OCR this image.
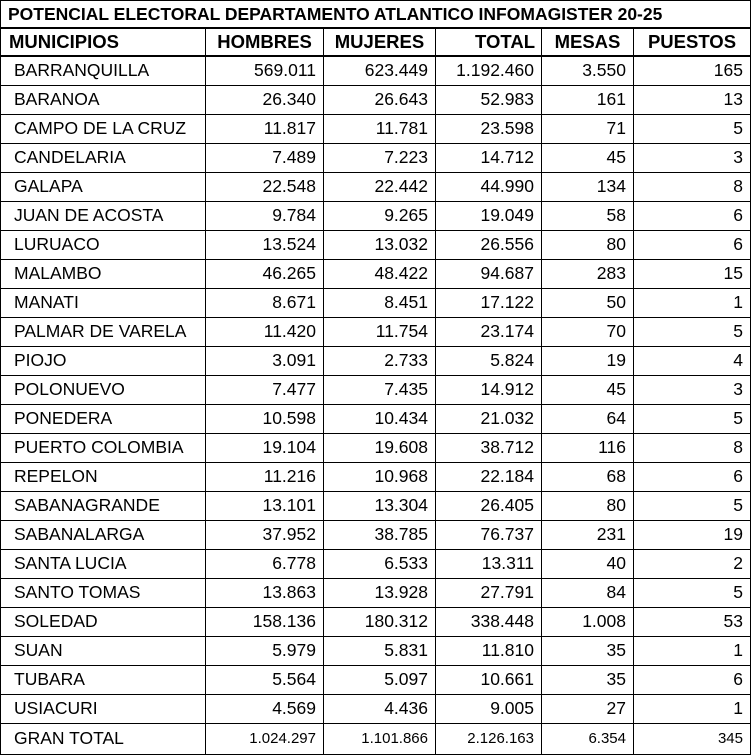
POTENCIAL ELECTORAL DEPARTAMENTO ATLANTICO INFOMAGISTER 20-25
MUNICIPIOS	HOMBRES	MUJERES	TOTAL	MESAS	PUESTOS
BARRANQUILLA	569.011	623.449	1.192.460	3.550	165
BARANOA	26.340	26.643	52.983	161	13
CAMPO DE LA CRUZ	11.817	11.781	23.598	71	5
CANDELARIA	7.489	7.223	14.712	45	3
GALAPA	22.548	22.442	44.990	134	8
JUAN DE ACOSTA	9.784	9.265	19.049	58	6
LURUACO	13.524	13.032	26.556	80	6
MALAMBO	46.265	48.422	94.687	283	15
MANATI	8.671	8.451	17.122	50	1
PALMAR DE VARELA	11.420	11.754	23.174	70	5
PIOJO	3.091	2.733	5.824	19	4
POLONUEVO	7.477	7.435	14.912	45	3
PONEDERA	10.598	10.434	21.032	64	5
PUERTO COLOMBIA	19.104	19.608	38.712	116	8
REPELON	11.216	10.968	22.184	68	6
SABANAGRANDE	13.101	13.304	26.405	80	5
SABANALARGA	37.952	38.785	76.737	231	19
SANTA LUCIA	6.778	6.533	13.311	40	2
SANTO TOMAS	13.863	13.928	27.791	84	5
SOLEDAD	158.136	180.312	338.448	1.008	53
SUAN	5.979	5.831	11.810	35	1
TUBARA	5.564	5.097	10.661	35	6
USIACURI	4.569	4.436	9.005	27	1
GRAN TOTAL	1.024.297	1.101.866	2.126.163	6.354	345
